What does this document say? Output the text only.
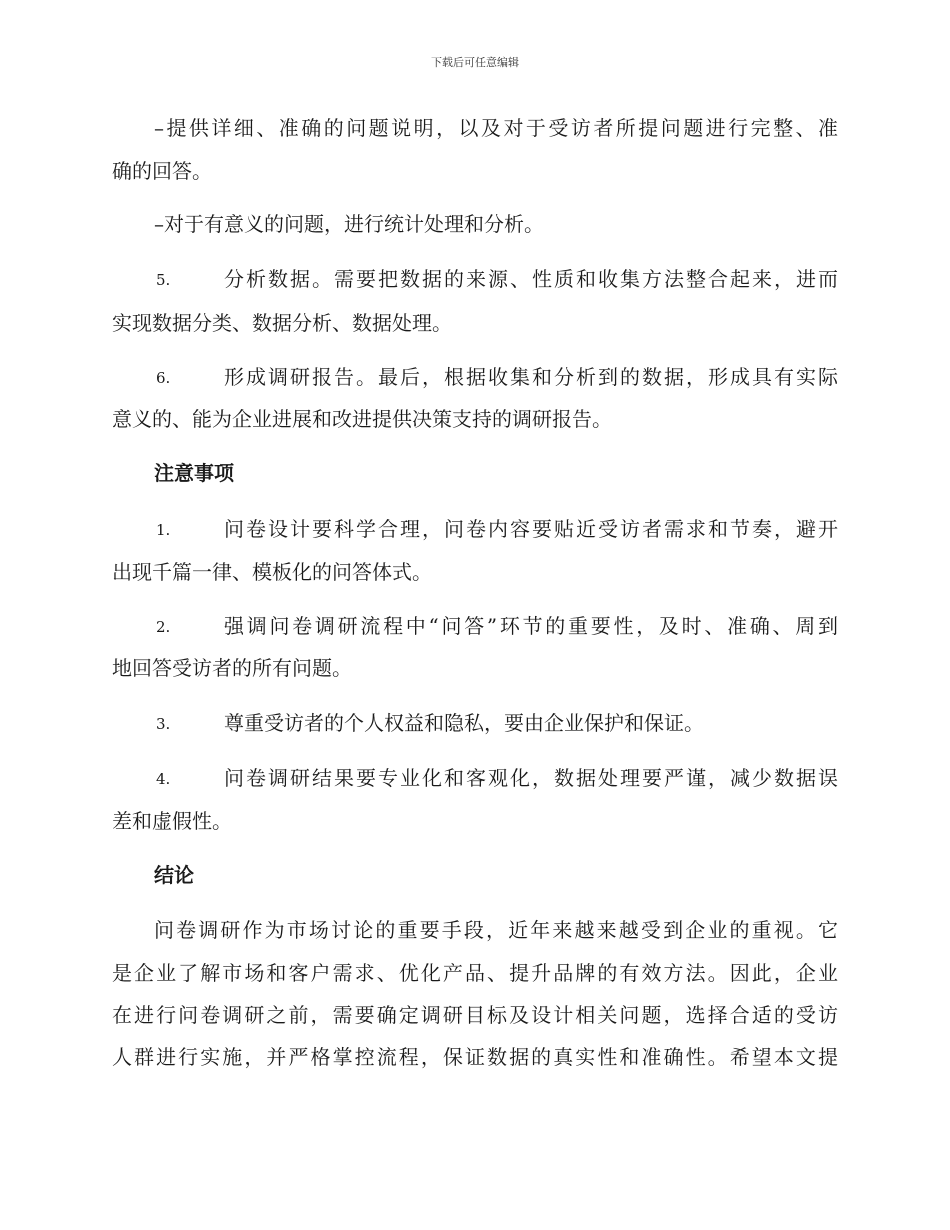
下载后可任意编辑
–提供详细、准确的问题说明，以及对于受访者所提问题进行完整、准
确的回答。
–对于有意义的问题，进行统计处理和分析。
5.	分析数据。需要把数据的来源、性质和收集方法整合起来，进而
实现数据分类、数据分析、数据处理。
6.	形成调研报告。最后，根据收集和分析到的数据，形成具有实际
意义的、能为企业进展和改进提供决策支持的调研报告。
注意事项
1.	问卷设计要科学合理，问卷内容要贴近受访者需求和节奏，避开
出现千篇一律、模板化的问答体式。
2.	强调问卷调研流程中“问答”环节的重要性，及时、准确、周到
地回答受访者的所有问题。
3.	尊重受访者的个人权益和隐私，要由企业保护和保证。
4.	问卷调研结果要专业化和客观化，数据处理要严谨，减少数据误
差和虚假性。
结论
问卷调研作为市场讨论的重要手段，近年来越来越受到企业的重视。它
是企业了解市场和客户需求、优化产品、提升品牌的有效方法。因此，企业
在进行问卷调研之前，需要确定调研目标及设计相关问题，选择合适的受访
人群进行实施，并严格掌控流程，保证数据的真实性和准确性。希望本文提
